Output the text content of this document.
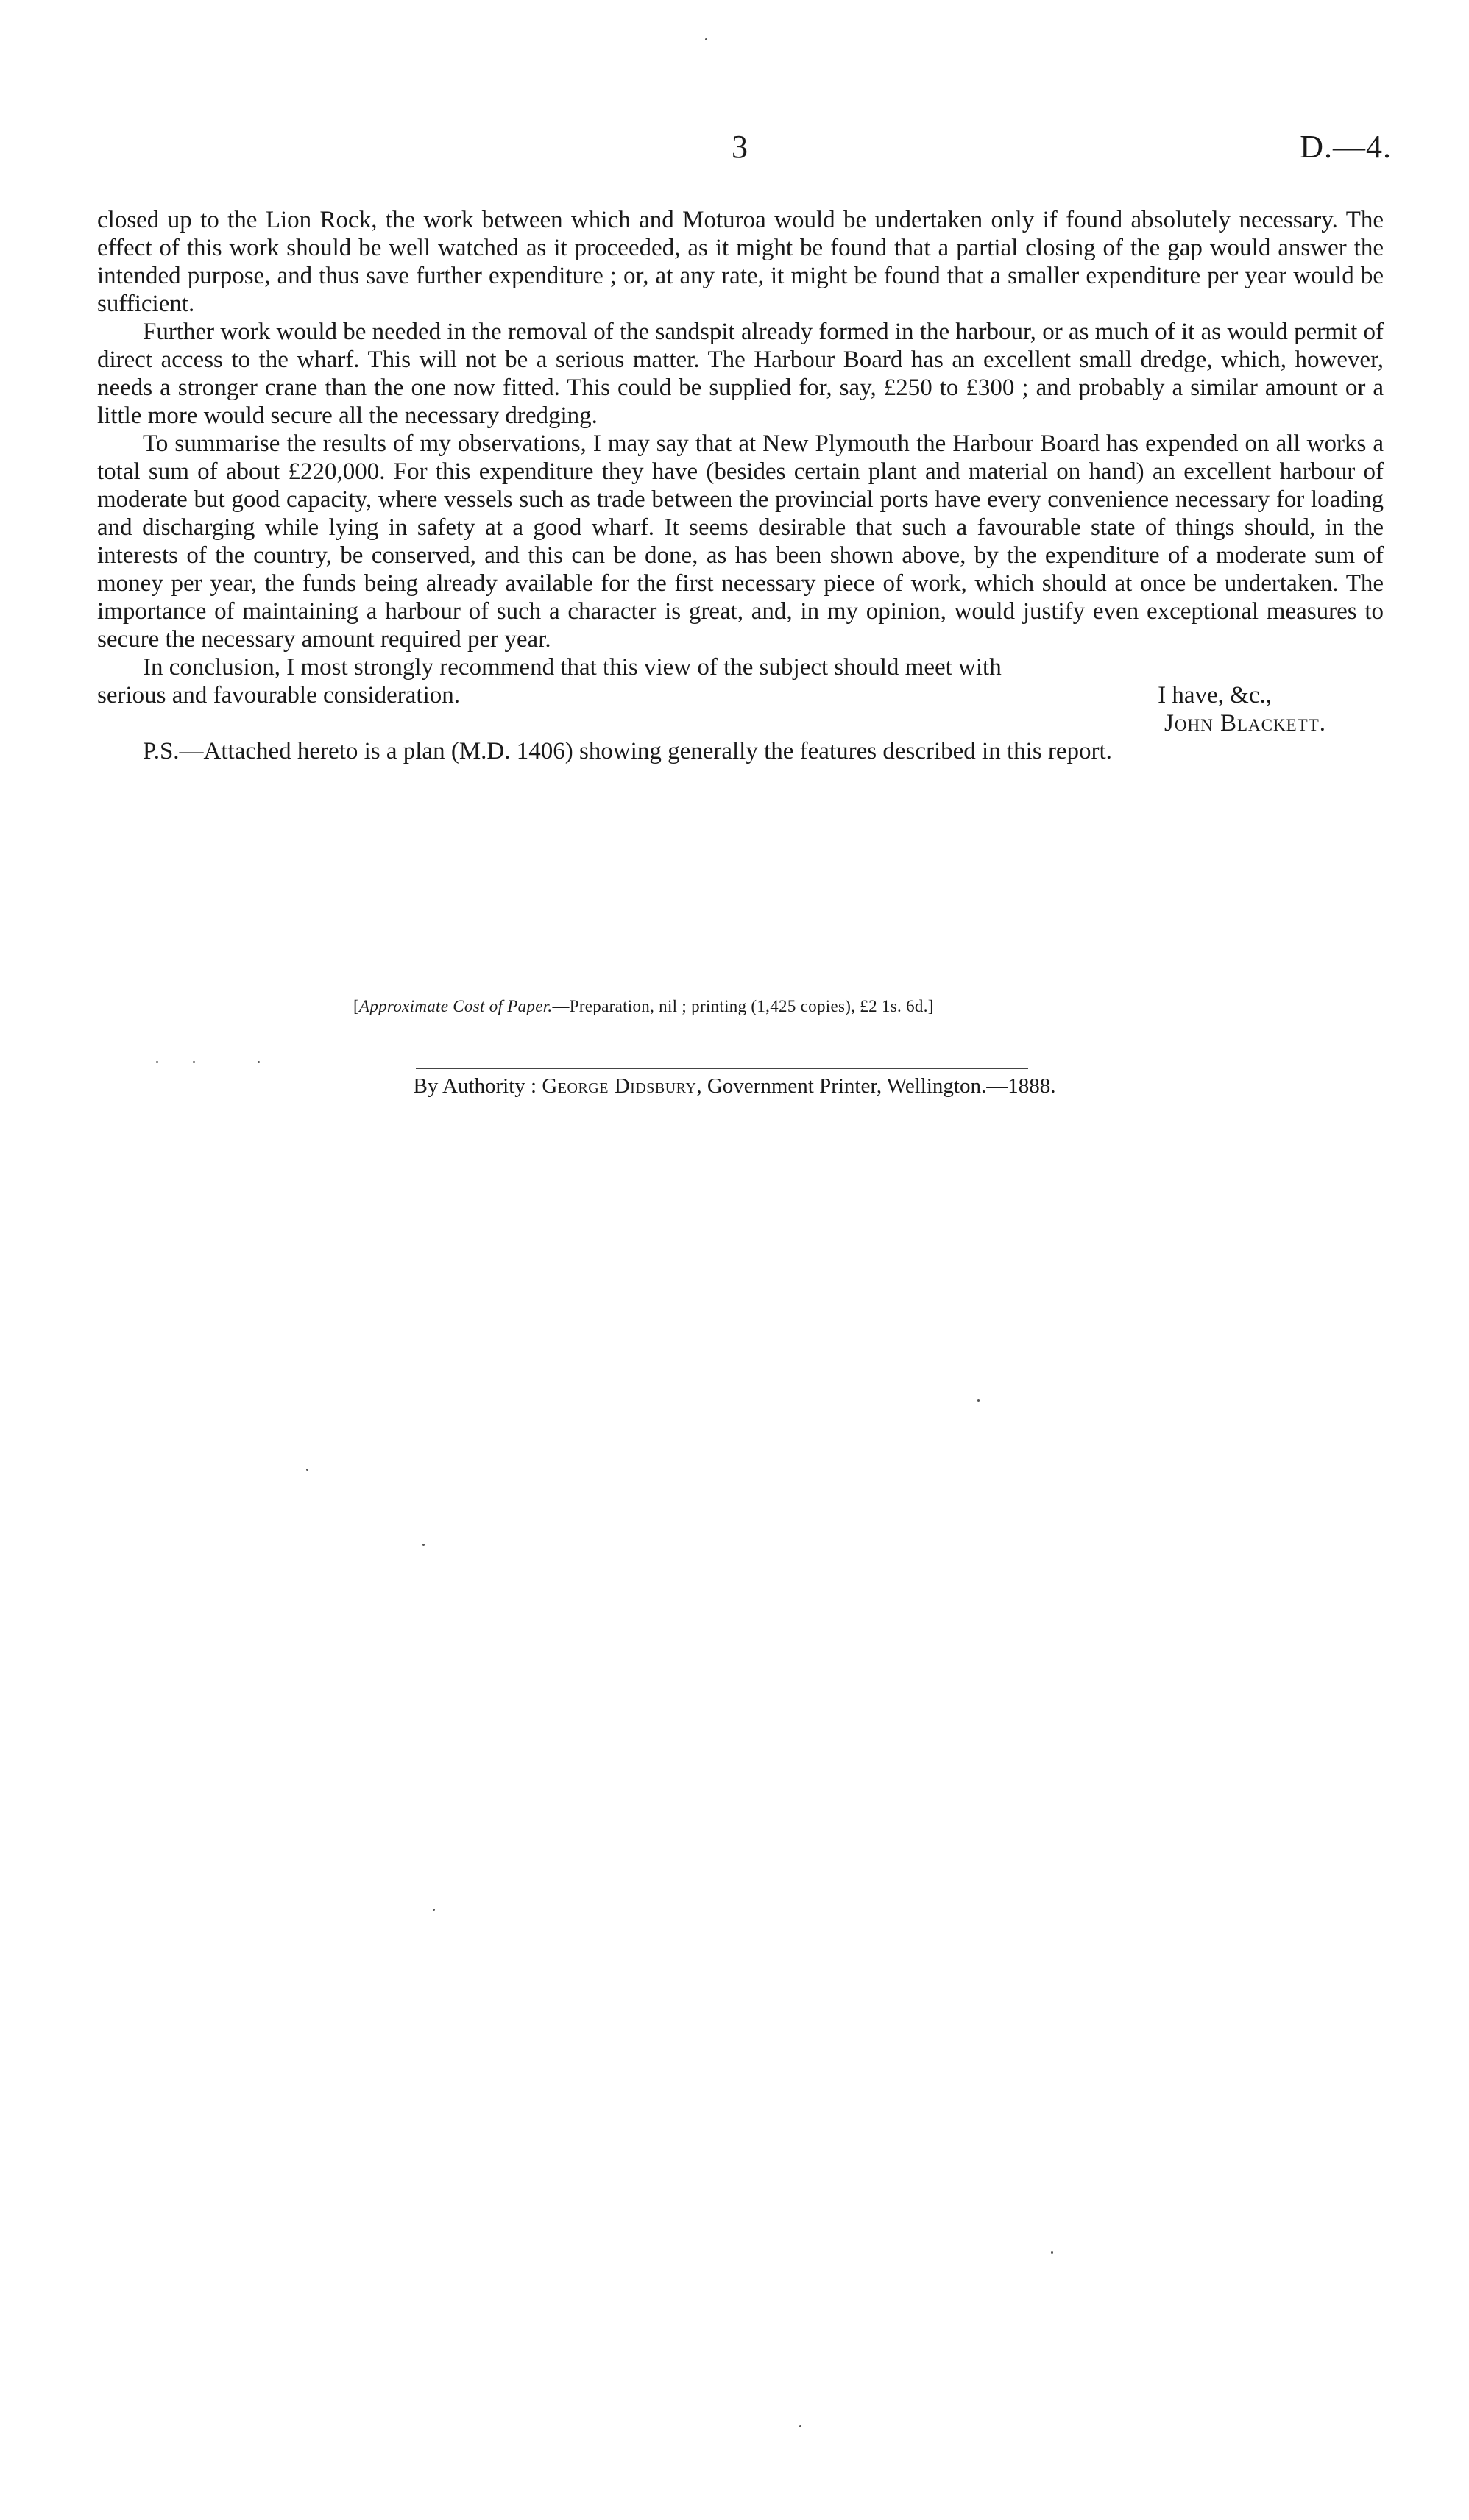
3	D.—4.

closed up to the Lion Rock, the work between which and Moturoa would be undertaken only if found absolutely necessary. The effect of this work should be well watched as it proceeded, as it might be found that a partial closing of the gap would answer the intended purpose, and thus save further expenditure ; or, at any rate, it might be found that a smaller expenditure per year would be sufficient.

Further work would be needed in the removal of the sandspit already formed in the harbour, or as much of it as would permit of direct access to the wharf. This will not be a serious matter. The Harbour Board has an excellent small dredge, which, however, needs a stronger crane than the one now fitted. This could be supplied for, say, £250 to £300 ; and probably a similar amount or a little more would secure all the necessary dredging.

To summarise the results of my observations, I may say that at New Plymouth the Harbour Board has expended on all works a total sum of about £220,000. For this expenditure they have (besides certain plant and material on hand) an excellent harbour of moderate but good capacity, where vessels such as trade between the provincial ports have every convenience necessary for loading and discharging while lying in safety at a good wharf. It seems desirable that such a favourable state of things should, in the interests of the country, be conserved, and this can be done, as has been shown above, by the expenditure of a moderate sum of money per year, the funds being already available for the first necessary piece of work, which should at once be undertaken. The importance of maintaining a harbour of such a character is great, and, in my opinion, would justify even exceptional measures to secure the necessary amount required per year.

In conclusion, I most strongly recommend that this view of the subject should meet with

serious and favourable consideration.	I have, &c.,

John Blackett.

P.S.—Attached hereto is a plan (M.D. 1406) showing generally the features described in this report.

[Approximate Cost of Paper.—Preparation, nil ; printing (1,425 copies), £2 1s. 6d.]
By Authority : George Didsbury, Government Printer, Wellington.—1888.
